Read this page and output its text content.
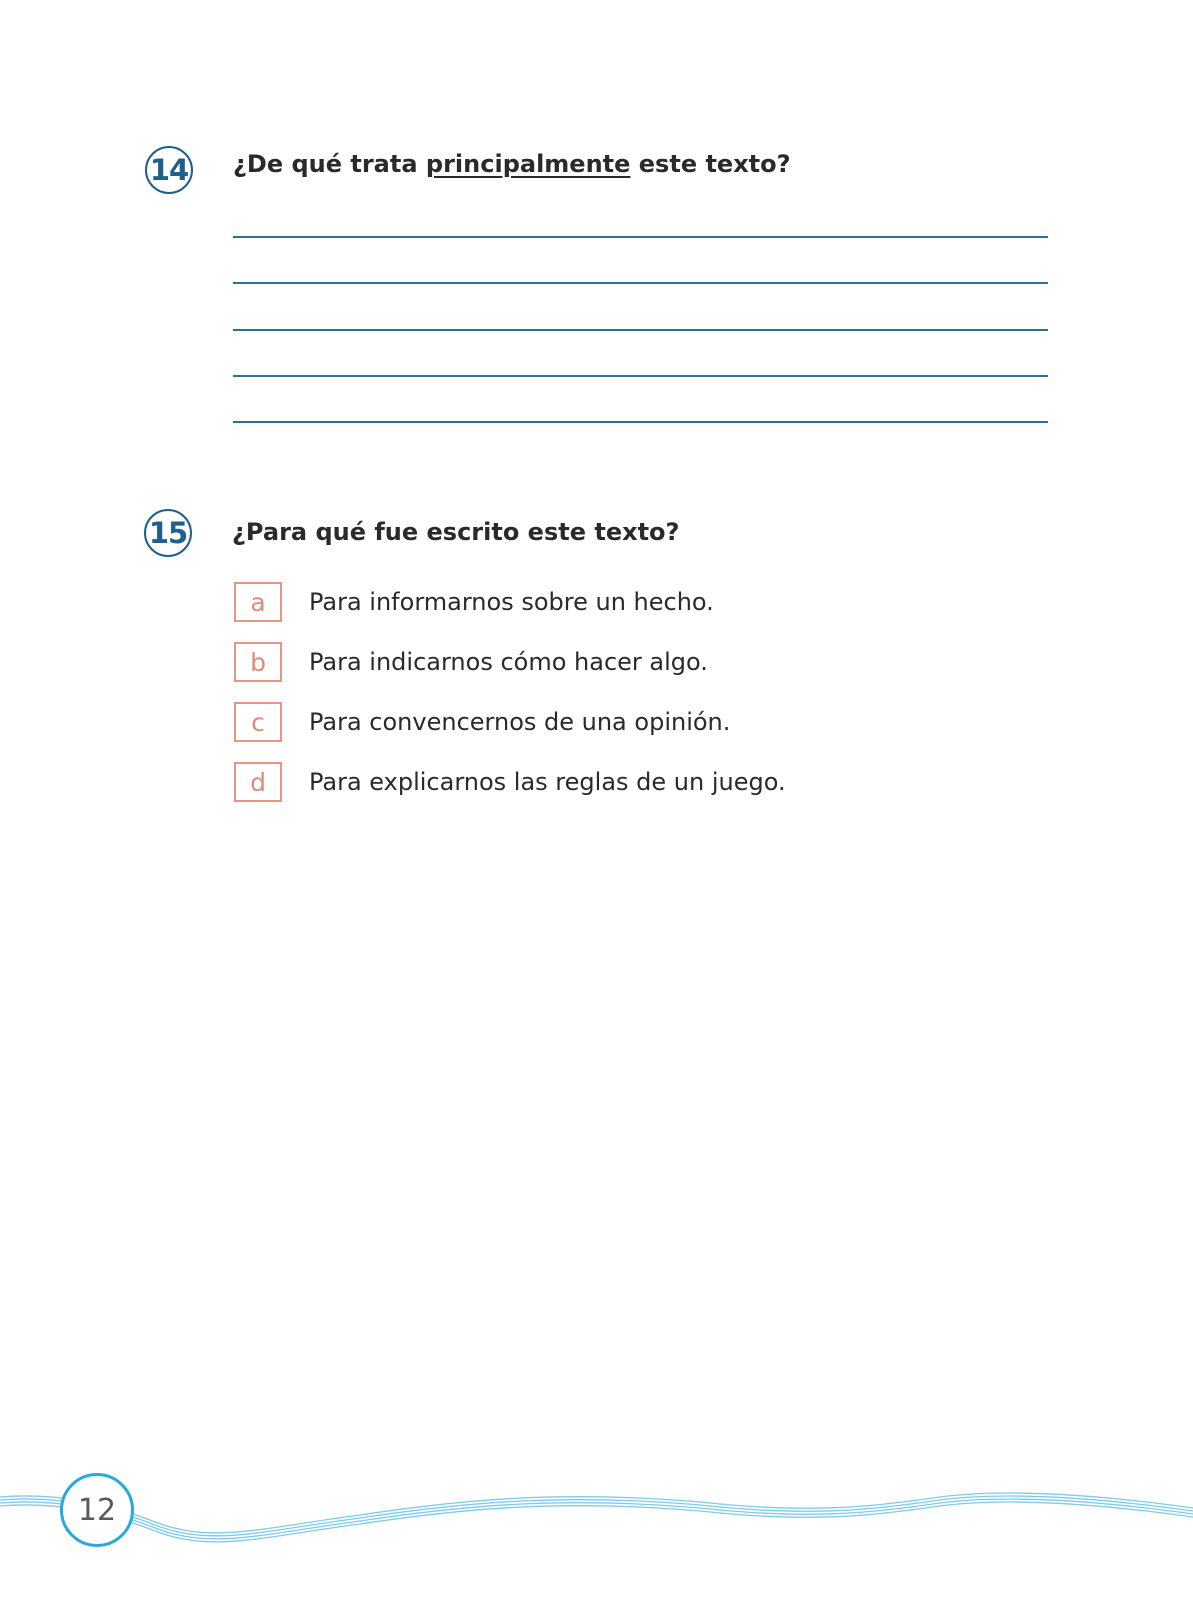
14 ¿De qué trata principalmente este texto?
15 ¿Para qué fue escrito este texto?
a Para informarnos sobre un hecho.
b Para indicarnos cómo hacer algo.
c Para convencernos de una opinión.
d Para explicarnos las reglas de un juego.
12
